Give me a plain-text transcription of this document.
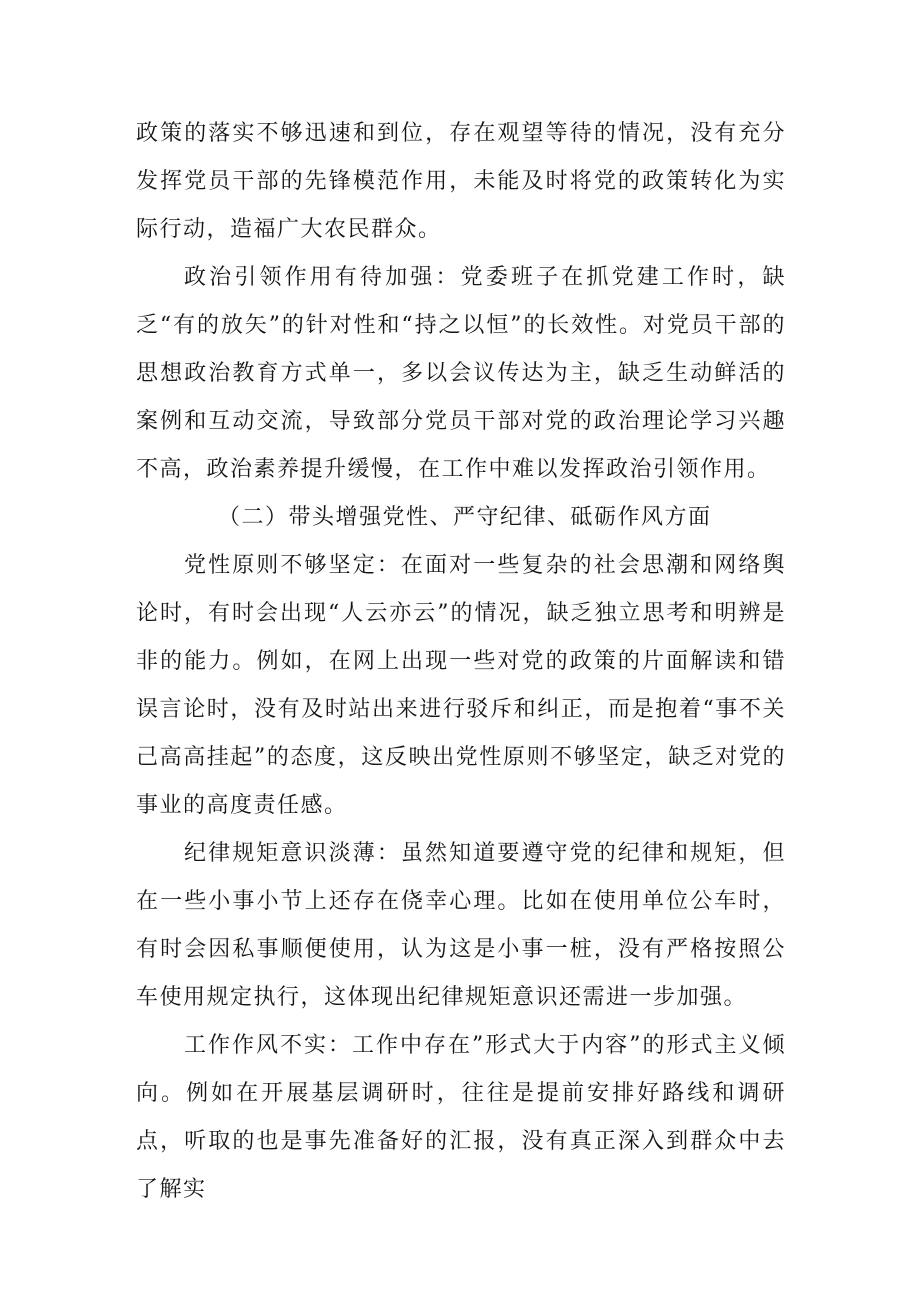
政策的落实不够迅速和到位，存在观望等待的情况，没有充分发挥党员干部的先锋模范作用，未能及时将党的政策转化为实际行动，造福广大农民群众。

政治引领作用有待加强：党委班子在抓党建工作时，缺乏“有的放矢”的针对性和“持之以恒”的长效性。对党员干部的思想政治教育方式单一，多以会议传达为主，缺乏生动鲜活的案例和互动交流，导致部分党员干部对党的政治理论学习兴趣不高，政治素养提升缓慢，在工作中难以发挥政治引领作用。

（二）带头增强党性、严守纪律、砥砺作风方面

党性原则不够坚定：在面对一些复杂的社会思潮和网络舆论时，有时会出现“人云亦云”的情况，缺乏独立思考和明辨是非的能力。例如，在网上出现一些对党的政策的片面解读和错误言论时，没有及时站出来进行驳斥和纠正，而是抱着“事不关己高高挂起”的态度，这反映出党性原则不够坚定，缺乏对党的事业的高度责任感。

纪律规矩意识淡薄：虽然知道要遵守党的纪律和规矩，但在一些小事小节上还存在侥幸心理。比如在使用单位公车时，有时会因私事顺便使用，认为这是小事一桩，没有严格按照公车使用规定执行，这体现出纪律规矩意识还需进一步加强。

工作作风不实：工作中存在”形式大于内容”的形式主义倾向。例如在开展基层调研时，往往是提前安排好路线和调研点，听取的也是事先准备好的汇报，没有真正深入到群众中去了解实
